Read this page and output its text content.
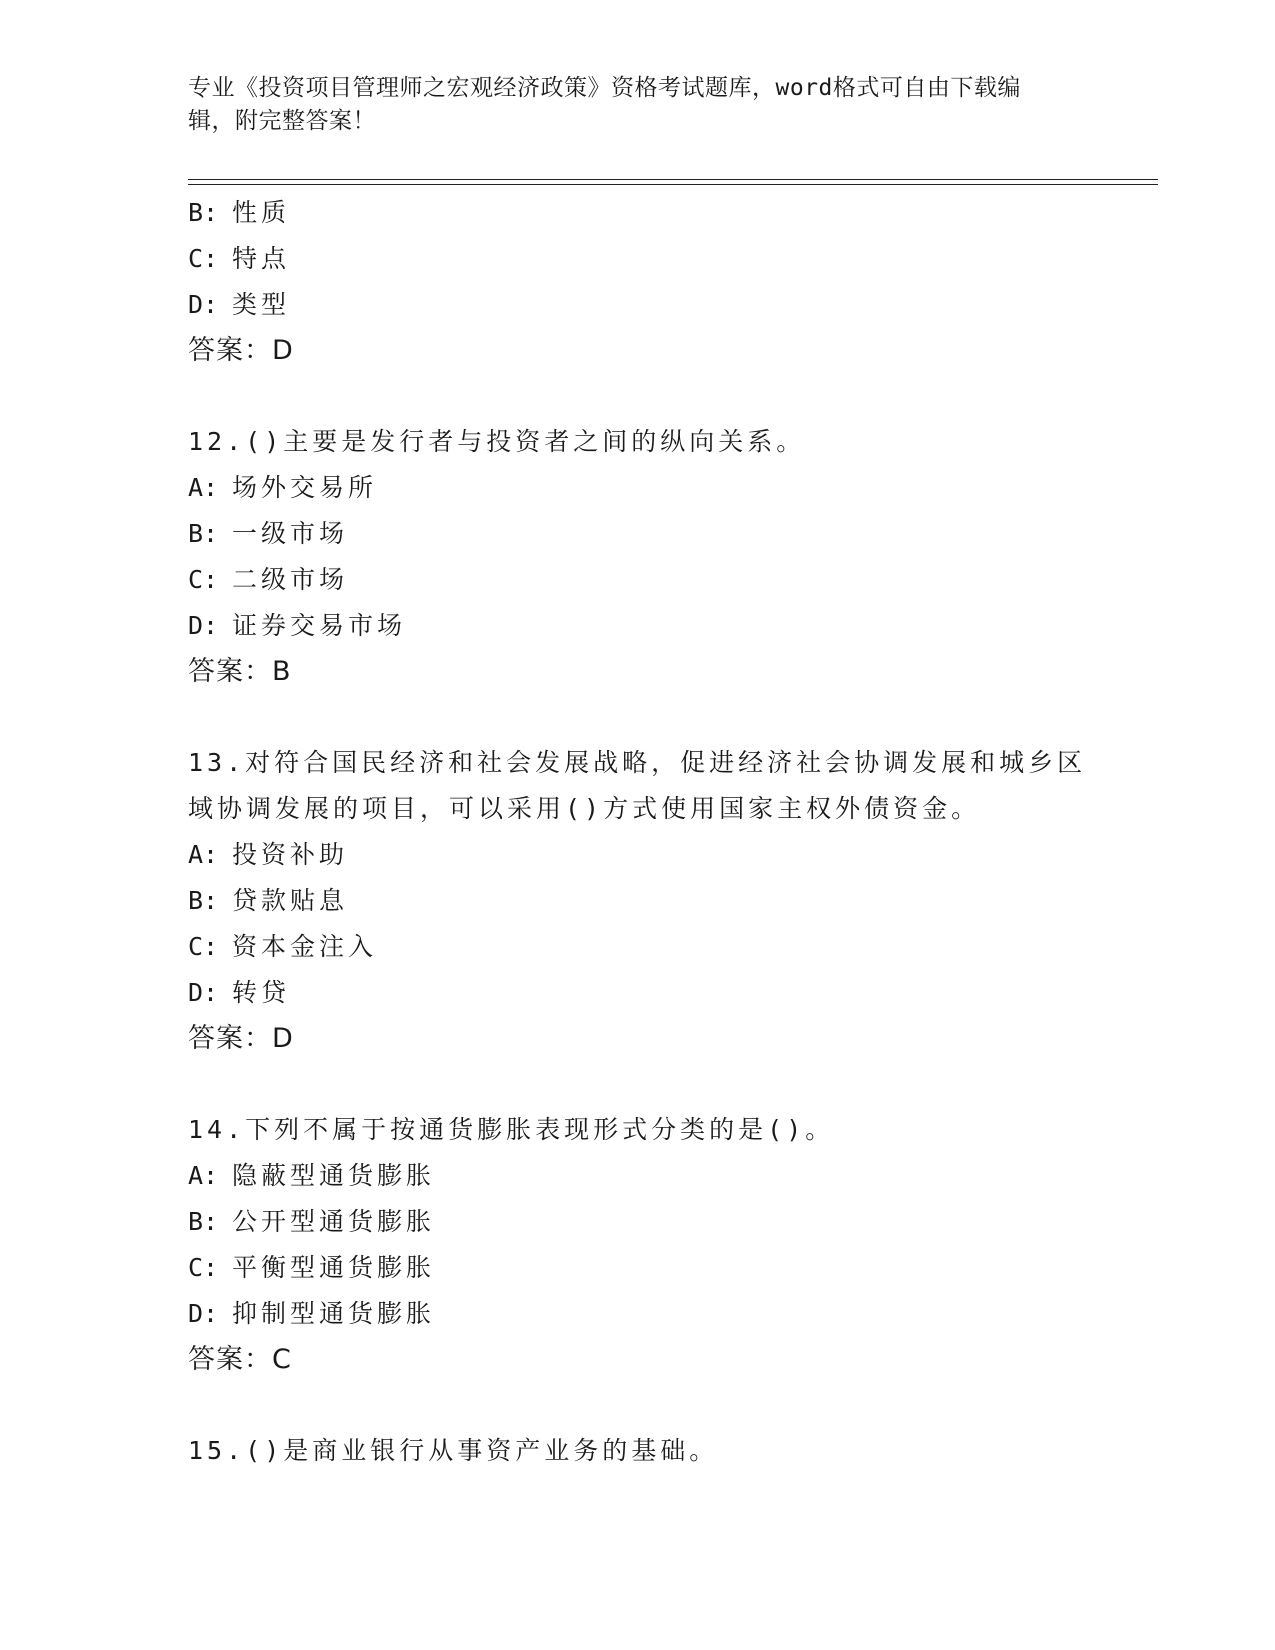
专业《投资项目管理师之宏观经济政策》资格考试题库，word格式可自由下载编
辑，附完整答案！
B: 性质
C: 特点
D: 类型
答案：D
12.()主要是发行者与投资者之间的纵向关系。
A: 场外交易所
B: 一级市场
C: 二级市场
D: 证券交易市场
答案：B
13.对符合国民经济和社会发展战略，促进经济社会协调发展和城乡区
域协调发展的项目，可以采用()方式使用国家主权外债资金。
A: 投资补助
B: 贷款贴息
C: 资本金注入
D: 转贷
答案：D
14.下列不属于按通货膨胀表现形式分类的是()。
A: 隐蔽型通货膨胀
B: 公开型通货膨胀
C: 平衡型通货膨胀
D: 抑制型通货膨胀
答案：C
15.()是商业银行从事资产业务的基础。
